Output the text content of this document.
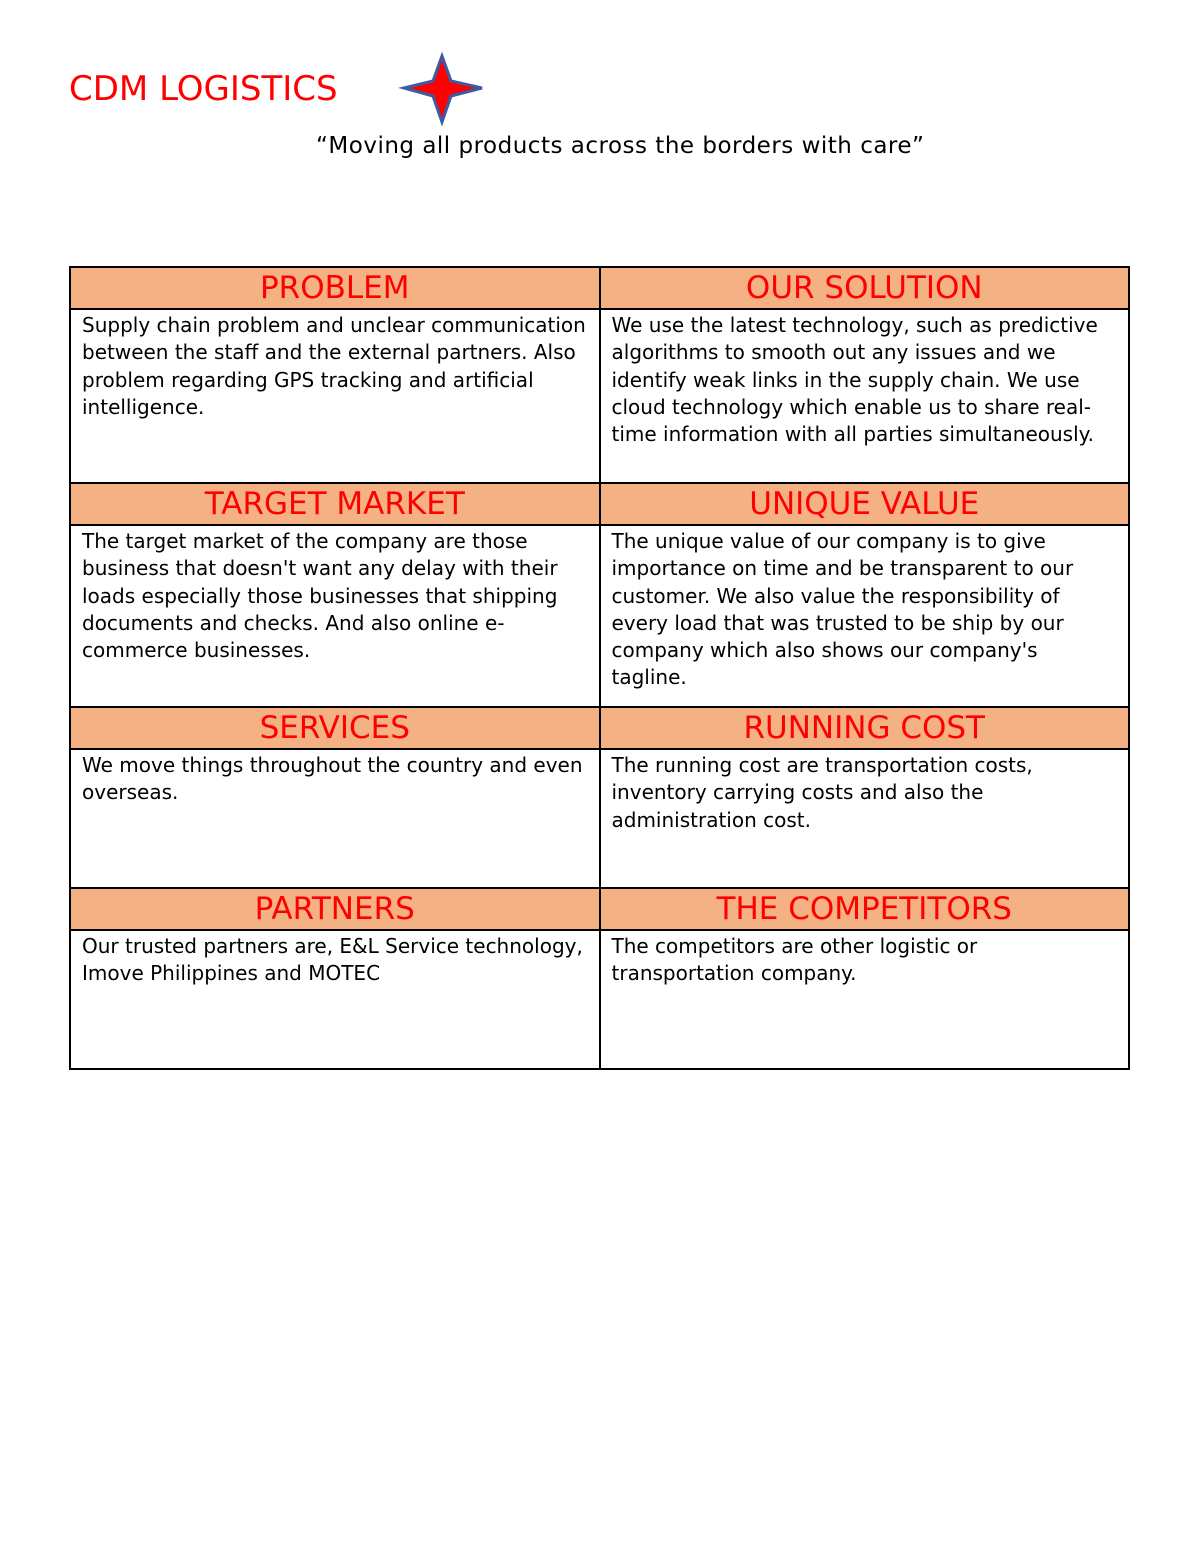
CDM LOGISTICS
“Moving all products across the borders with care”
PROBLEM	OUR SOLUTION
Supply chain problem and unclear communication between the staff and the external partners. Also problem regarding GPS tracking and artificial intelligence.	We use the latest technology, such as predictive algorithms to smooth out any issues and we identify weak links in the supply chain. We use cloud technology which enable us to share real-time information with all parties simultaneously.
TARGET MARKET	UNIQUE VALUE
The target market of the company are those business that doesn't want any delay with their loads especially those businesses that shipping documents and checks. And also online e-commerce businesses.	The unique value of our company is to give importance on time and be transparent to our customer. We also value the responsibility of every load that was trusted to be ship by our company which also shows our company's tagline.
SERVICES	RUNNING COST
We move things throughout the country and even overseas.	The running cost are transportation costs, inventory carrying costs and also the administration cost.
PARTNERS	THE COMPETITORS
Our trusted partners are, E&L Service technology, Imove Philippines and MOTEC	The competitors are other logistic or transportation company.
